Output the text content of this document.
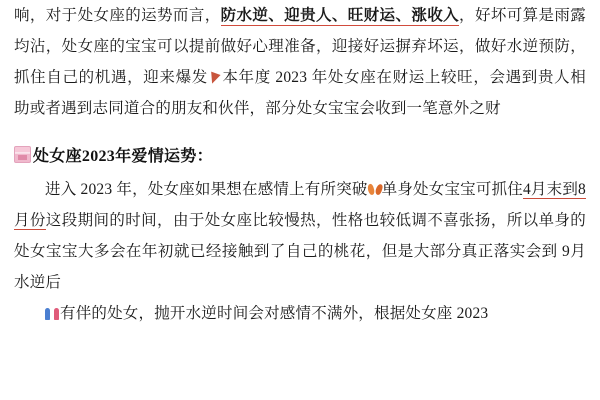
响，对于处女座的运势而言，防水逆、迎贵人、旺财运、涨收入，好坏可算是雨露均沾，处女座的宝宝可以提前做好心理准备，迎接好运摒弃坏运，做好水逆预防，抓住自己的机遇，迎来爆发 本年度 2023 年处女座在财运上较旺，会遇到贵人相助或者遇到志同道合的朋友和伙伴，部分处女宝宝会收到一笔意外之财

处女座2023年爱情运势：

进入 2023 年，处女座如果想在感情上有所突破 单身处女宝宝可抓住4月末到8月份这段期间的时间，由于处女座比较慢热，性格也较低调不喜张扬，所以单身的处女宝宝大多会在年初就已经接触到了自己的桃花，但是大部分真正落实会到 9月水逆后

有伴的处女，抛开水逆时间会对感情不满外，根据处女座 2023
